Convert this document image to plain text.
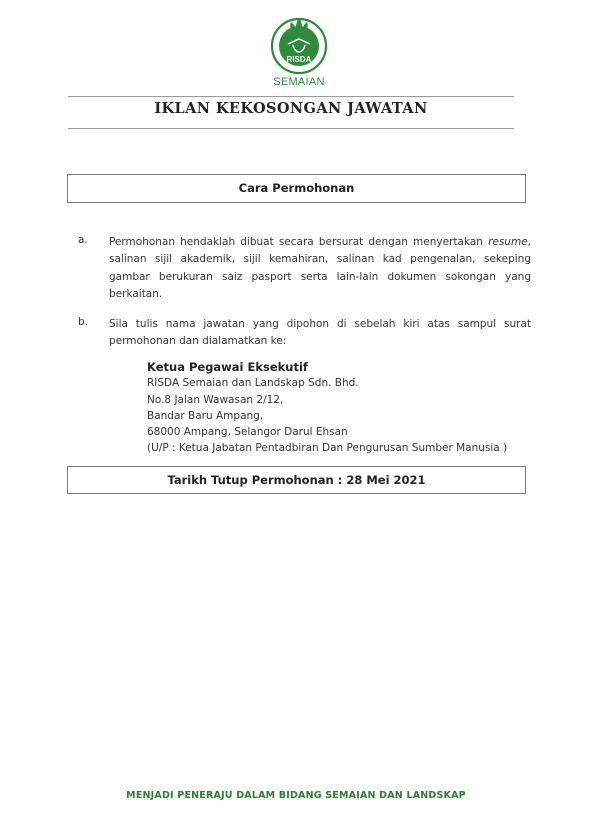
RISDA
SEMAIAN
IKLAN KEKOSONGAN JAWATAN
Cara Permohonan
a. Permohonan hendaklah dibuat secara bersurat dengan menyertakan resume, salinan sijil akademik, sijil kemahiran, salinan kad pengenalan, sekeping gambar berukuran saiz pasport serta lain-lain dokumen sokongan yang berkaitan.
b. Sila tulis nama jawatan yang dipohon di sebelah kiri atas sampul surat permohonan dan dialamatkan ke:
Ketua Pegawai Eksekutif
RISDA Semaian dan Landskap Sdn. Bhd.
No.8 Jalan Wawasan 2/12,
Bandar Baru Ampang,
68000 Ampang, Selangor Darul Ehsan
(U/P : Ketua Jabatan Pentadbiran Dan Pengurusan Sumber Manusia )
Tarikh Tutup Permohonan : 28 Mei 2021
MENJADI PENERAJU DALAM BIDANG SEMAIAN DAN LANDSKAP
